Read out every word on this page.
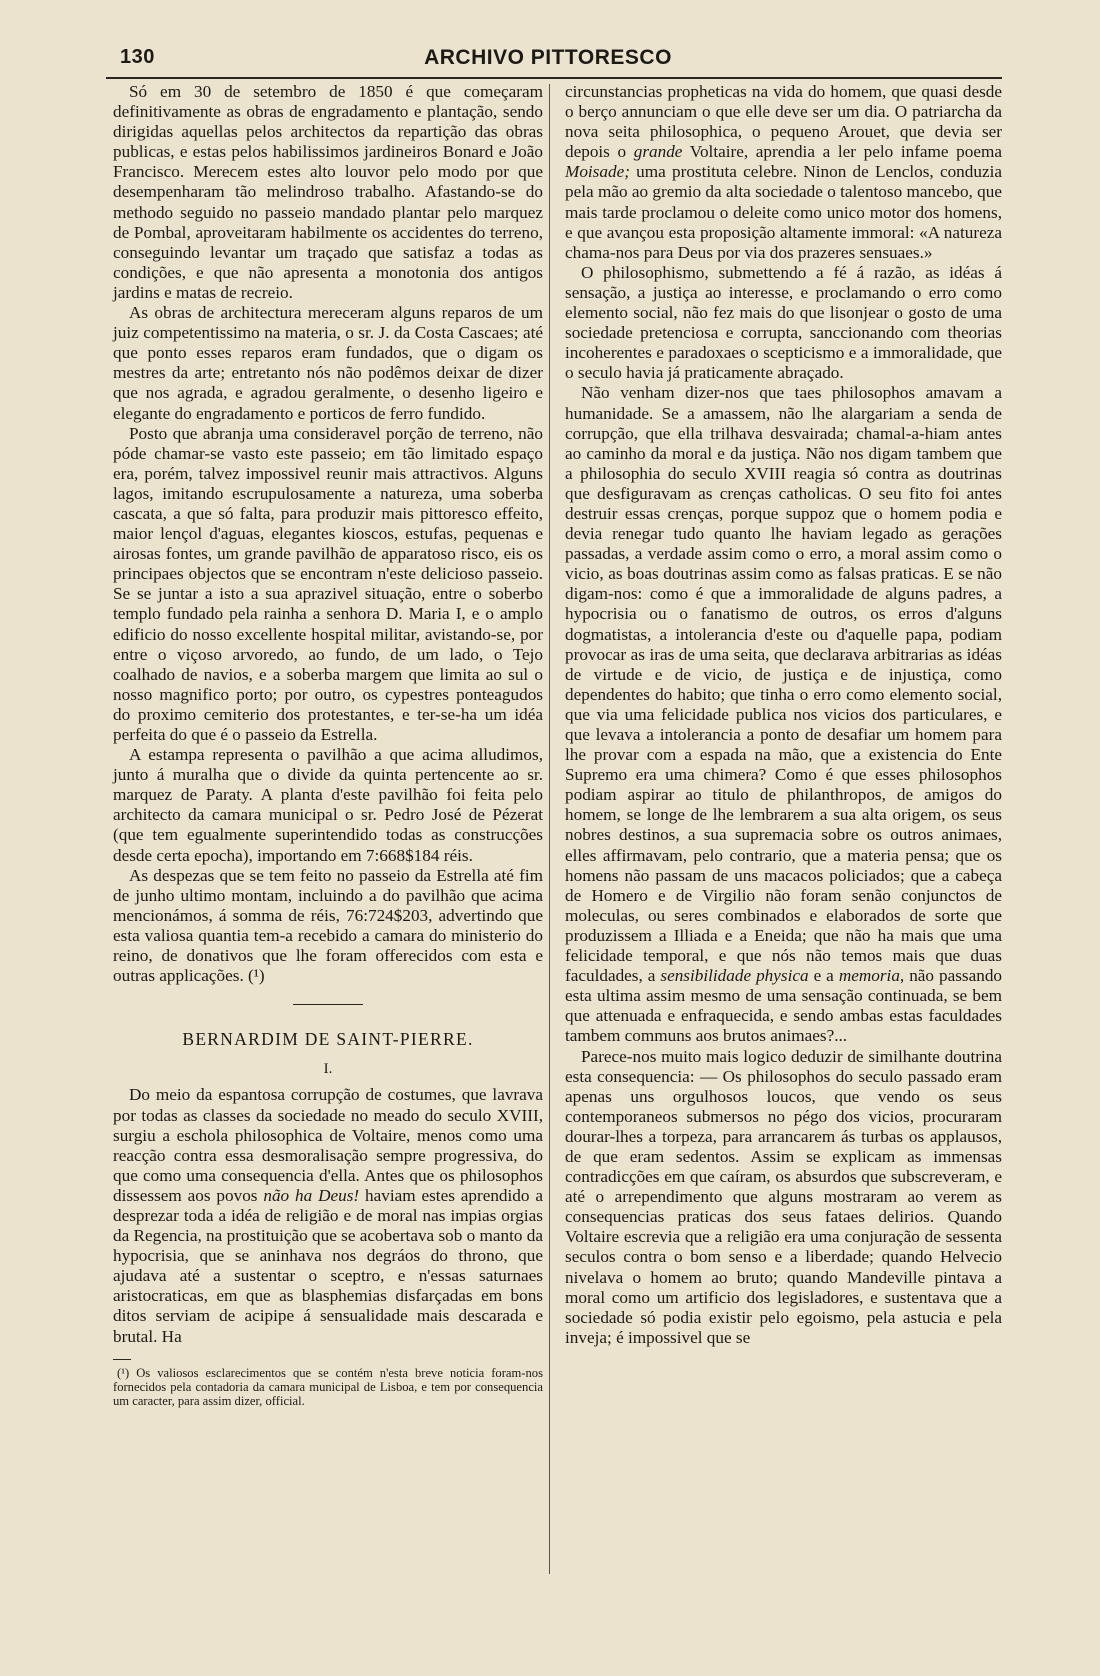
130	ARCHIVO PITTORESCO

Só em 30 de setembro de 1850 é que começaram definitivamente as obras de engradamento e plantação, sendo dirigidas aquellas pelos architectos da repartição das obras publicas, e estas pelos habilissimos jardineiros Bonard e João Francisco. Merecem estes alto louvor pelo modo por que desempenharam tão melindroso trabalho. Afastando-se do methodo seguido no passeio mandado plantar pelo marquez de Pombal, aproveitaram habilmente os accidentes do terreno, conseguindo levantar um traçado que satisfaz a todas as condições, e que não apresenta a monotonia dos antigos jardins e matas de recreio.

As obras de architectura mereceram alguns reparos de um juiz competentissimo na materia, o sr. J. da Costa Cascaes; até que ponto esses reparos eram fundados, que o digam os mestres da arte; entretanto nós não podêmos deixar de dizer que nos agrada, e agradou geralmente, o desenho ligeiro e elegante do engradamento e porticos de ferro fundido.

Posto que abranja uma consideravel porção de terreno, não póde chamar-se vasto este passeio; em tão limitado espaço era, porém, talvez impossivel reunir mais attractivos. Alguns lagos, imitando escrupulosamente a natureza, uma soberba cascata, a que só falta, para produzir mais pittoresco effeito, maior lençol d'aguas, elegantes kioscos, estufas, pequenas e airosas fontes, um grande pavilhão de apparatoso risco, eis os principaes objectos que se encontram n'este delicioso passeio. Se se juntar a isto a sua aprazivel situação, entre o soberbo templo fundado pela rainha a senhora D. Maria I, e o amplo edificio do nosso excellente hospital militar, avistando-se, por entre o viçoso arvoredo, ao fundo, de um lado, o Tejo coalhado de navios, e a soberba margem que limita ao sul o nosso magnifico porto; por outro, os cypestres ponteagudos do proximo cemiterio dos protestantes, e ter-se-ha um idéa perfeita do que é o passeio da Estrella.

A estampa representa o pavilhão a que acima alludimos, junto á muralha que o divide da quinta pertencente ao sr. marquez de Paraty. A planta d'este pavilhão foi feita pelo architecto da camara municipal o sr. Pedro José de Pézerat (que tem egualmente superintendido todas as construcções desde certa epocha), importando em 7:668$184 réis.

As despezas que se tem feito no passeio da Estrella até fim de junho ultimo montam, incluindo a do pavilhão que acima mencionámos, á somma de réis, 76:724$203, advertindo que esta valiosa quantia tem-a recebido a camara do ministerio do reino, de donativos que lhe foram offerecidos com esta e outras applicações. (¹)

BERNARDIM DE SAINT-PIERRE.
I.

Do meio da espantosa corrupção de costumes, que lavrava por todas as classes da sociedade no meado do seculo XVIII, surgiu a eschola philosophica de Voltaire, menos como uma reacção contra essa desmoralisação sempre progressiva, do que como uma consequencia d'ella. Antes que os philosophos dissessem aos povos não ha Deus! haviam estes aprendido a desprezar toda a idéa de religião e de moral nas impias orgias da Regencia, na prostituição que se acobertava sob o manto da hypocrisia, que se aninhava nos degráos do throno, que ajudava até a sustentar o sceptro, e n'essas saturnaes aristocraticas, em que as blasphemias disfarçadas em bons ditos serviam de acipipe á sensualidade mais descarada e brutal. Ha

(¹) Os valiosos esclarecimentos que se contém n'esta breve noticia foram-nos fornecidos pela contadoria da camara municipal de Lisboa, e tem por consequencia um caracter, para assim dizer, official.

circunstancias propheticas na vida do homem, que quasi desde o berço annunciam o que elle deve ser um dia. O patriarcha da nova seita philosophica, o pequeno Arouet, que devia ser depois o grande Voltaire, aprendia a ler pelo infame poema Moisade; uma prostituta celebre. Ninon de Lenclos, conduzia pela mão ao gremio da alta sociedade o talentoso mancebo, que mais tarde proclamou o deleite como unico motor dos homens, e que avançou esta proposição altamente immoral: «A natureza chama-nos para Deus por via dos prazeres sensuaes.»

O philosophismo, submettendo a fé á razão, as idéas á sensação, a justiça ao interesse, e proclamando o erro como elemento social, não fez mais do que lisonjear o gosto de uma sociedade pretenciosa e corrupta, sanccionando com theorias incoherentes e paradoxaes o scepticismo e a immoralidade, que o seculo havia já praticamente abraçado.

Não venham dizer-nos que taes philosophos amavam a humanidade. Se a amassem, não lhe alargariam a senda de corrupção, que ella trilhava desvairada; chamal-a-hiam antes ao caminho da moral e da justiça. Não nos digam tambem que a philosophia do seculo XVIII reagia só contra as doutrinas que desfiguravam as crenças catholicas. O seu fito foi antes destruir essas crenças, porque suppoz que o homem podia e devia renegar tudo quanto lhe haviam legado as gerações passadas, a verdade assim como o erro, a moral assim como o vicio, as boas doutrinas assim como as falsas praticas. E se não digam-nos: como é que a immoralidade de alguns padres, a hypocrisia ou o fanatismo de outros, os erros d'alguns dogmatistas, a intolerancia d'este ou d'aquelle papa, podiam provocar as iras de uma seita, que declarava arbitrarias as idéas de virtude e de vicio, de justiça e de injustiça, como dependentes do habito; que tinha o erro como elemento social, que via uma felicidade publica nos vicios dos particulares, e que levava a intolerancia a ponto de desafiar um homem para lhe provar com a espada na mão, que a existencia do Ente Supremo era uma chimera? Como é que esses philosophos podiam aspirar ao titulo de philanthropos, de amigos do homem, se longe de lhe lembrarem a sua alta origem, os seus nobres destinos, a sua supremacia sobre os outros animaes, elles affirmavam, pelo contrario, que a materia pensa; que os homens não passam de uns macacos policiados; que a cabeça de Homero e de Virgilio não foram senão conjunctos de moleculas, ou seres combinados e elaborados de sorte que produzissem a Illiada e a Eneida; que não ha mais que uma felicidade temporal, e que nós não temos mais que duas faculdades, a sensibilidade physica e a memoria, não passando esta ultima assim mesmo de uma sensação continuada, se bem que attenuada e enfraquecida, e sendo ambas estas faculdades tambem communs aos brutos animaes?...

Parece-nos muito mais logico deduzir de similhante doutrina esta consequencia: — Os philosophos do seculo passado eram apenas uns orgulhosos loucos, que vendo os seus contemporaneos submersos no pégo dos vicios, procuraram dourar-lhes a torpeza, para arrancarem ás turbas os applausos, de que eram sedentos. Assim se explicam as immensas contradicções em que caíram, os absurdos que subscreveram, e até o arrependimento que alguns mostraram ao verem as consequencias praticas dos seus fataes delirios. Quando Voltaire escrevia que a religião era uma conjuração de sessenta seculos contra o bom senso e a liberdade; quando Helvecio nivelava o homem ao bruto; quando Mandeville pintava a moral como um artificio dos legisladores, e sustentava que a sociedade só podia existir pelo egoismo, pela astucia e pela inveja; é impossivel que se
